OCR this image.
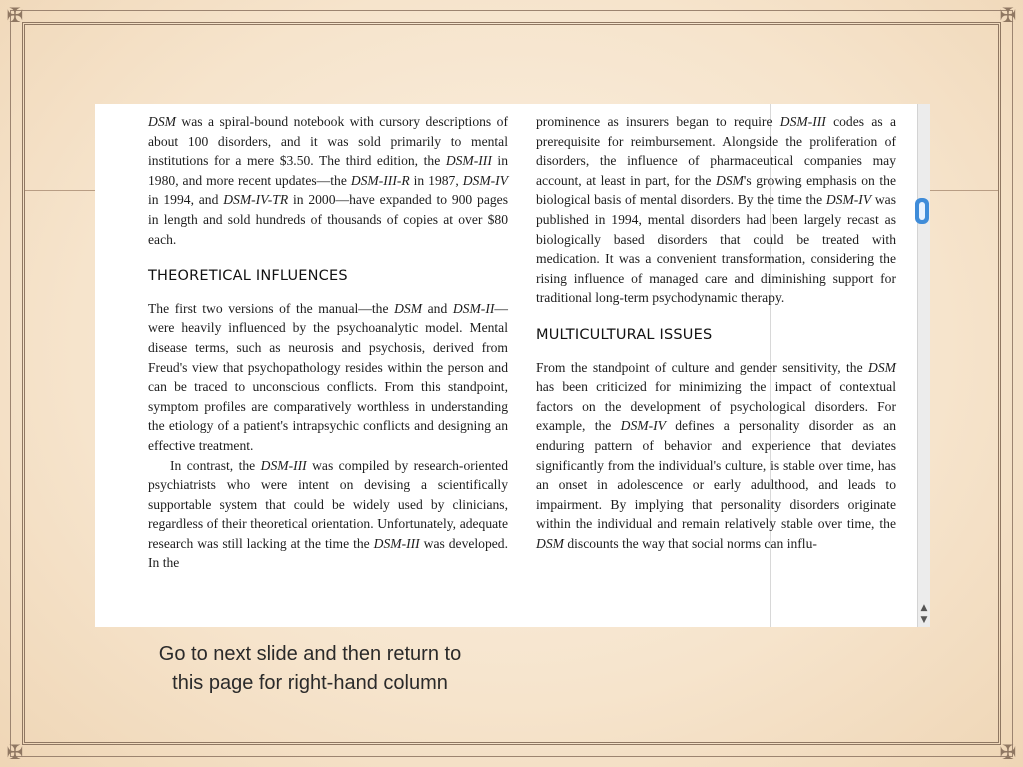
✠	✠
✠	✠

DSM was a spiral-bound notebook with cursory descriptions of about 100 disorders, and it was sold primarily to mental institutions for a mere $3.50. The third edition, the DSM-III in 1980, and more recent updates—the DSM-III-R in 1987, DSM-IV in 1994, and DSM-IV-TR in 2000—have expanded to 900 pages in length and sold hundreds of thousands of copies at over $80 each.

THEORETICAL INFLUENCES

The first two versions of the manual—the DSM and DSM-II—were heavily influenced by the psychoanalytic model. Mental disease terms, such as neurosis and psychosis, derived from Freud's view that psychopathology resides within the person and can be traced to unconscious conflicts. From this standpoint, symptom profiles are comparatively worthless in understanding the etiology of a patient's intrapsychic conflicts and designing an effective treatment.

In contrast, the DSM-III was compiled by research-oriented psychiatrists who were intent on devising a scientifically supportable system that could be widely used by clinicians, regardless of their theoretical orientation. Unfortunately, adequate research was still lacking at the time the DSM-III was developed. In the

prominence as insurers began to require DSM-III codes as a prerequisite for reimbursement. Alongside the proliferation of disorders, the influence of pharmaceutical companies may account, at least in part, for the DSM's growing emphasis on the biological basis of mental disorders. By the time the DSM-IV was published in 1994, mental disorders had been largely recast as biologically based disorders that could be treated with medication. It was a convenient transformation, considering the rising influence of managed care and diminishing support for traditional long-term psychodynamic therapy.

MULTICULTURAL ISSUES

From the standpoint of culture and gender sensitivity, the DSM has been criticized for minimizing the impact of contextual factors on the development of psychological disorders. For example, the DSM-IV defines a personality disorder as an enduring pattern of behavior and experience that deviates significantly from the individual's culture, is stable over time, has an onset in adolescence or early adulthood, and leads to impairment. By implying that personality disorders originate within the individual and remain relatively stable over time, the DSM discounts the way that social norms can influ-

▲
▼
Go to next slide and then return to this page for right-hand column
